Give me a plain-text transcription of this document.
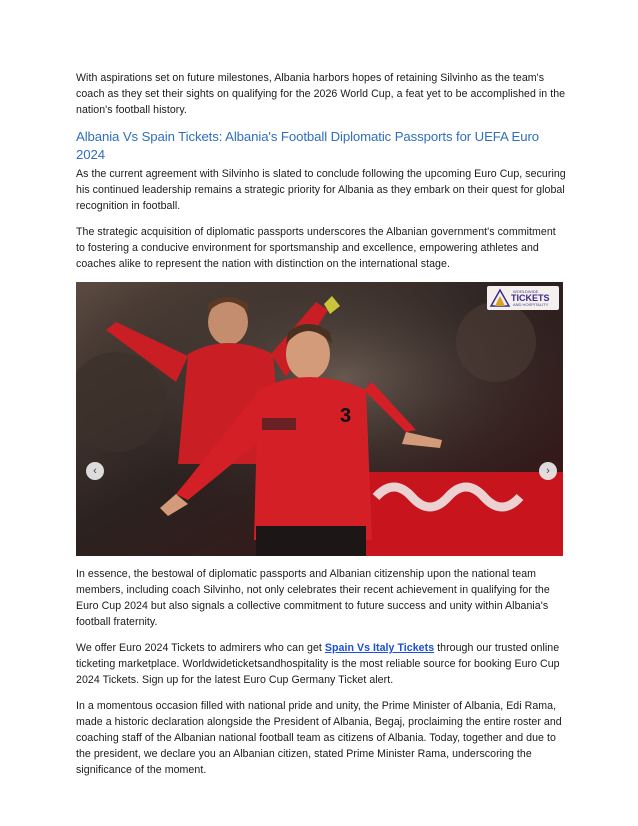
With aspirations set on future milestones, Albania harbors hopes of retaining Silvinho as the team's coach as they set their sights on qualifying for the 2026 World Cup, a feat yet to be accomplished in the nation's football history.

Albania Vs Spain Tickets: Albania's Football Diplomatic Passports for UEFA Euro 2024

As the current agreement with Silvinho is slated to conclude following the upcoming Euro Cup, securing his continued leadership remains a strategic priority for Albania as they embark on their quest for global recognition in football.

The strategic acquisition of diplomatic passports underscores the Albanian government's commitment to fostering a conducive environment for sportsmanship and excellence, empowering athletes and coaches alike to represent the nation with distinction on the international stage.

3
WORLDWIDE
TICKETS
AND HOSPITALITY
‹	›

In essence, the bestowal of diplomatic passports and Albanian citizenship upon the national team members, including coach Silvinho, not only celebrates their recent achievement in qualifying for the Euro Cup 2024 but also signals a collective commitment to future success and unity within Albania's football fraternity.

We offer Euro 2024 Tickets to admirers who can get Spain Vs Italy Tickets through our trusted online ticketing marketplace. Worldwideticketsandhospitality is the most reliable source for booking Euro Cup 2024 Tickets. Sign up for the latest Euro Cup Germany Ticket alert.

In a momentous occasion filled with national pride and unity, the Prime Minister of Albania, Edi Rama, made a historic declaration alongside the President of Albania, Begaj, proclaiming the entire roster and coaching staff of the Albanian national football team as citizens of Albania. Today, together and due to the president, we declare you an Albanian citizen, stated Prime Minister Rama, underscoring the significance of the moment.
